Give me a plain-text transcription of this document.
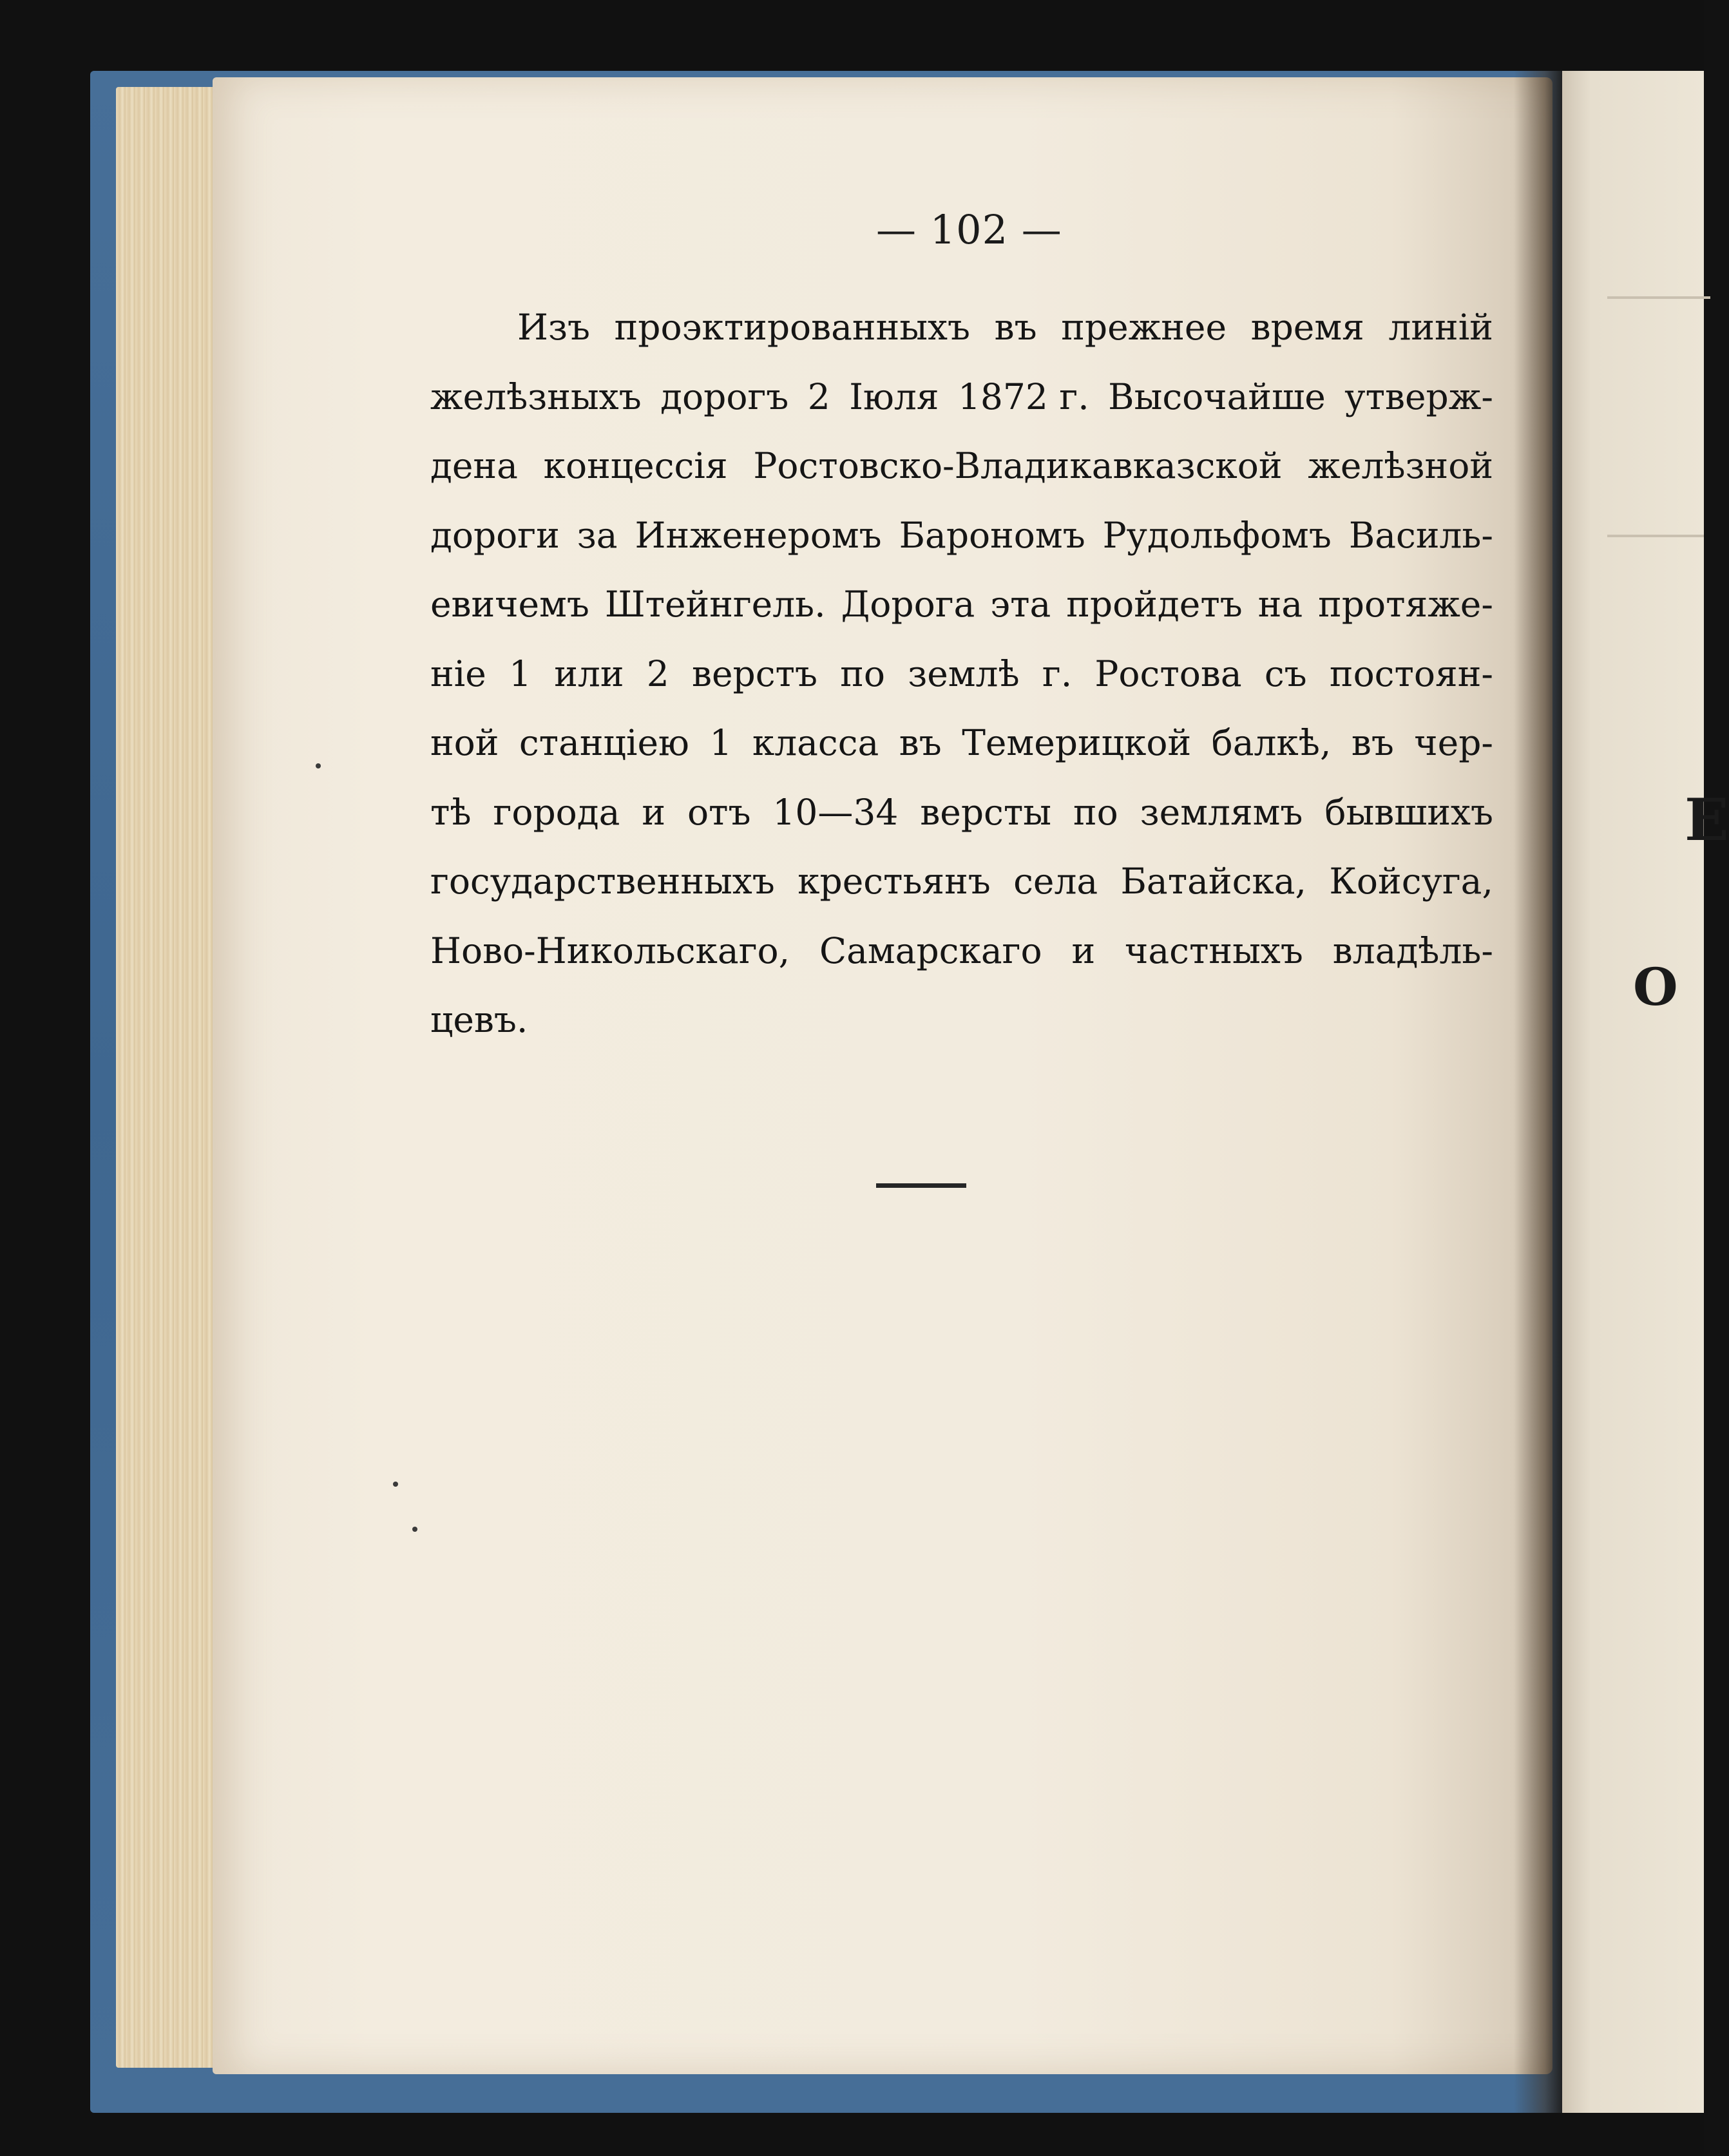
— 102 —
Изъ проэктированныхъ въ прежнее время линій
желѣзныхъ дорогъ 2 Іюля 1872 г. Высочайше утверж-
дена концессія Ростовско-Владикавказской желѣзной
дороги за Инженеромъ Барономъ Рудольфомъ Василь-
евичемъ Штейнгель. Дорога эта пройдетъ на протяже-
ніе 1 или 2 верстъ по землѣ г. Ростова съ постоян-
ной станціею 1 класса въ Темерицкой балкѣ, въ чер-
тѣ города и отъ 10—34 версты по землямъ бывшихъ
государственныхъ крестьянъ села Батайска, Койсуга,
Ново-Никольскаго, Самарскаго и частныхъ владѣль-
цевъ.
Е
О
